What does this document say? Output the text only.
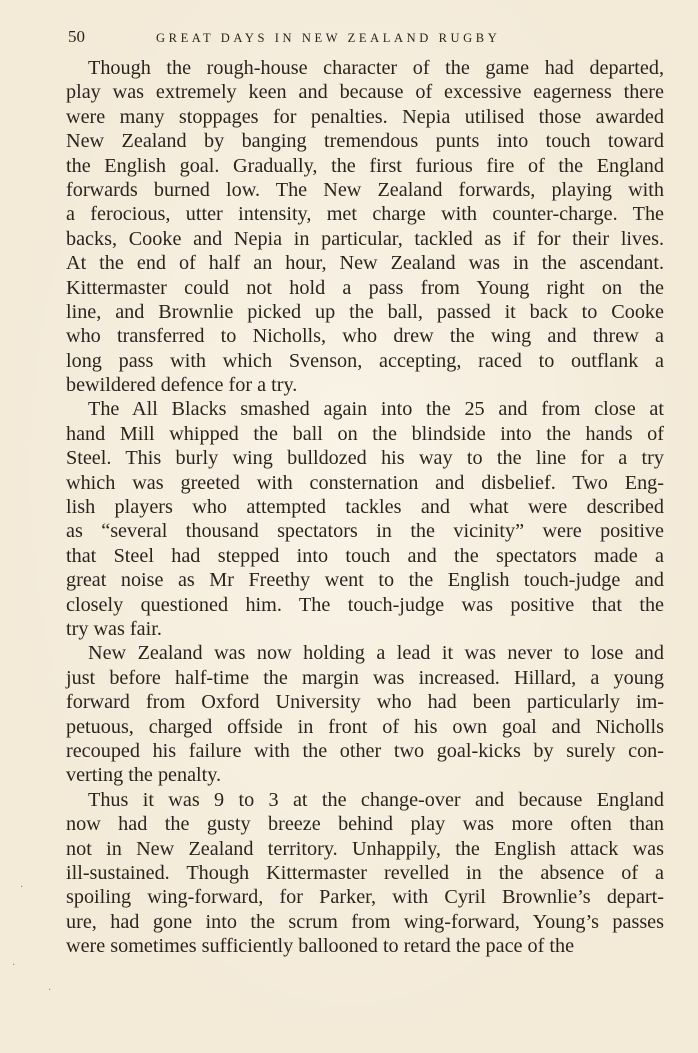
50	GREAT DAYS IN NEW ZEALAND RUGBY
Though the rough-house character of the game had departed,
play was extremely keen and because of excessive eagerness there
were many stoppages for penalties. Nepia utilised those awarded
New Zealand by banging tremendous punts into touch toward
the English goal. Gradually, the first furious fire of the England
forwards burned low. The New Zealand forwards, playing with
a ferocious, utter intensity, met charge with counter-charge. The
backs, Cooke and Nepia in particular, tackled as if for their lives.
At the end of half an hour, New Zealand was in the ascendant.
Kittermaster could not hold a pass from Young right on the
line, and Brownlie picked up the ball, passed it back to Cooke
who transferred to Nicholls, who drew the wing and threw a
long pass with which Svenson, accepting, raced to outflank a
bewildered defence for a try.
The All Blacks smashed again into the 25 and from close at
hand Mill whipped the ball on the blindside into the hands of
Steel. This burly wing bulldozed his way to the line for a try
which was greeted with consternation and disbelief. Two Eng-
lish players who attempted tackles and what were described
as “several thousand spectators in the vicinity” were positive
that Steel had stepped into touch and the spectators made a
great noise as Mr Freethy went to the English touch-judge and
closely questioned him. The touch-judge was positive that the
try was fair.
New Zealand was now holding a lead it was never to lose and
just before half-time the margin was increased. Hillard, a young
forward from Oxford University who had been particularly im-
petuous, charged offside in front of his own goal and Nicholls
recouped his failure with the other two goal-kicks by surely con-
verting the penalty.
Thus it was 9 to 3 at the change-over and because England
now had the gusty breeze behind play was more often than
not in New Zealand territory. Unhappily, the English attack was
ill-sustained. Though Kittermaster revelled in the absence of a
spoiling wing-forward, for Parker, with Cyril Brownlie’s depart-
ure, had gone into the scrum from wing-forward, Young’s passes
were sometimes sufficiently ballooned to retard the pace of the
·
·
·
